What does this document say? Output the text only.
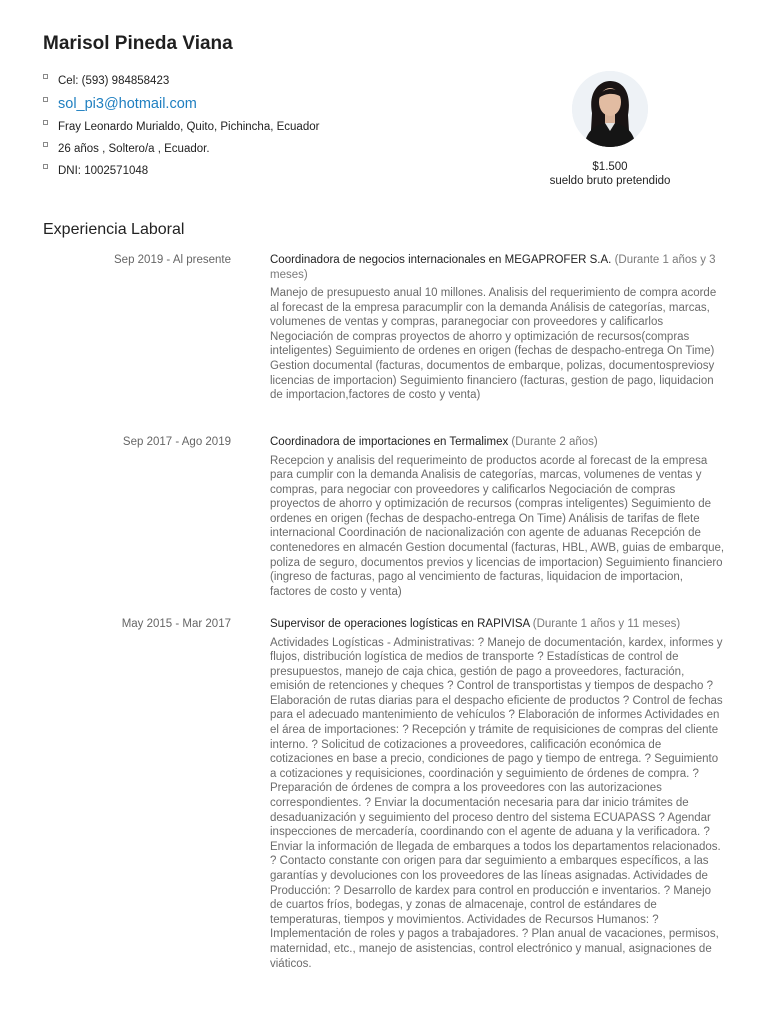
Marisol Pineda Viana
Cel: (593) 984858423
sol_pi3@hotmail.com
Fray Leonardo Murialdo, Quito, Pichincha, Ecuador
26 años , Soltero/a , Ecuador.
DNI: 1002571048	$1.500
sueldo bruto pretendido
Experiencia Laboral
Sep 2019 - Al presente	Coordinadora de negocios internacionales en MEGAPROFER S.A. (Durante 1 años y 3 meses)
Manejo de presupuesto anual 10 millones. Analisis del requerimiento de compra acorde al forecast de la empresa paracumplir con la demanda Análisis de categorías, marcas, volumenes de ventas y compras, paranegociar con proveedores y calificarlos Negociación de compras proyectos de ahorro y optimización de recursos(compras inteligentes) Seguimiento de ordenes en origen (fechas de despacho-entrega On Time) Gestion documental (facturas, documentos de embarque, polizas, documentospreviosy licencias de importacion) Seguimiento financiero (facturas, gestion de pago, liquidacion de importacion,factores de costo y venta)
Sep 2017 - Ago 2019	Coordinadora de importaciones en Termalimex (Durante 2 años)
Recepcion y analisis del requerimeinto de productos acorde al forecast de la empresa para cumplir con la demanda Analisis de categorías, marcas, volumenes de ventas y compras, para negociar con proveedores y calificarlos Negociación de compras proyectos de ahorro y optimización de recursos (compras inteligentes) Seguimiento de ordenes en origen (fechas de despacho-entrega On Time) Análisis de tarifas de flete internacional Coordinación de nacionalización con agente de aduanas Recepción de contenedores en almacén Gestion documental (facturas, HBL, AWB, guias de embarque, poliza de seguro, documentos previos y licencias de importacion) Seguimiento financiero (ingreso de facturas, pago al vencimiento de facturas, liquidacion de importacion, factores de costo y venta)
May 2015 - Mar 2017	Supervisor de operaciones logísticas en RAPIVISA (Durante 1 años y 11 meses)
Actividades Logísticas - Administrativas: ? Manejo de documentación, kardex, informes y flujos, distribución logística de medios de transporte ? Estadísticas de control de presupuestos, manejo de caja chica, gestión de pago a proveedores, facturación, emisión de retenciones y cheques ? Control de transportistas y tiempos de despacho ? Elaboración de rutas diarias para el despacho eficiente de productos ? Control de fechas para el adecuado mantenimiento de vehículos ? Elaboración de informes Actividades en el área de importaciones: ? Recepción y trámite de requisiciones de compras del cliente interno. ? Solicitud de cotizaciones a proveedores, calificación económica de cotizaciones en base a precio, condiciones de pago y tiempo de entrega. ? Seguimiento a cotizaciones y requisiciones, coordinación y seguimiento de órdenes de compra. ? Preparación de órdenes de compra a los proveedores con las autorizaciones correspondientes. ? Enviar la documentación necesaria para dar inicio trámites de desaduanización y seguimiento del proceso dentro del sistema ECUAPASS ? Agendar inspecciones de mercadería, coordinando con el agente de aduana y la verificadora. ? Enviar la información de llegada de embarques a todos los departamentos relacionados. ? Contacto constante con origen para dar seguimiento a embarques específicos, a las garantías y devoluciones con los proveedores de las líneas asignadas. Actividades de Producción: ? Desarrollo de kardex para control en producción e inventarios. ? Manejo de cuartos fríos, bodegas, y zonas de almacenaje, control de estándares de temperaturas, tiempos y movimientos. Actividades de Recursos Humanos: ? Implementación de roles y pagos a trabajadores. ? Plan anual de vacaciones, permisos, maternidad, etc., manejo de asistencias, control electrónico y manual, asignaciones de viáticos.
